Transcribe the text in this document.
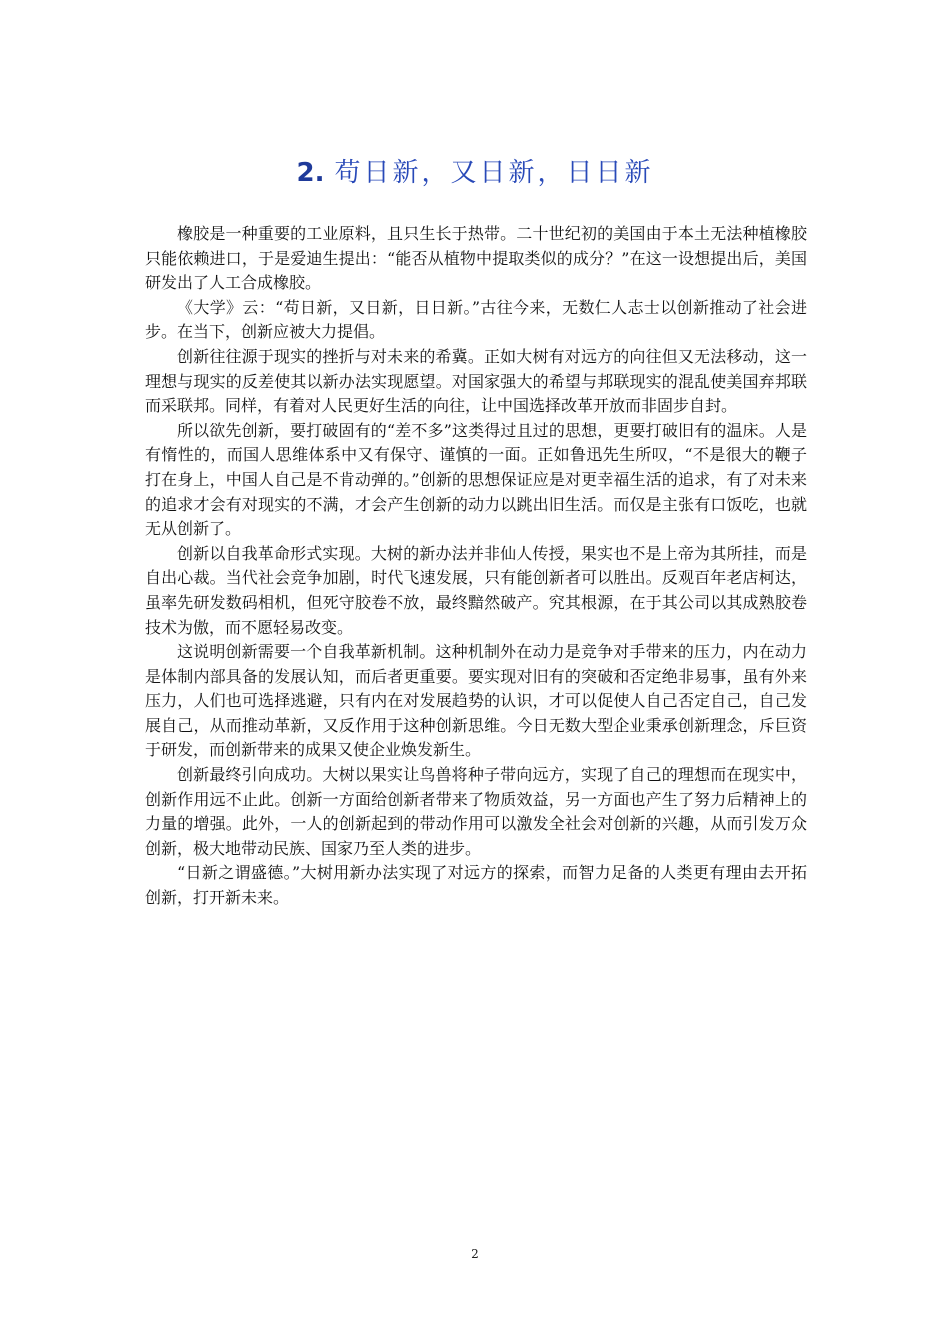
2. 苟日新，又日新，日日新

橡胶是一种重要的工业原料，且只生长于热带。二十世纪初的美国由于本土无法种植橡胶只能依赖进口，于是爱迪生提出：“能否从植物中提取类似的成分？”在这一设想提出后，美国研发出了人工合成橡胶。

《大学》云：“苟日新，又日新，日日新。”古往今来，无数仁人志士以创新推动了社会进步。在当下，创新应被大力提倡。

创新往往源于现实的挫折与对未来的希冀。正如大树有对远方的向往但又无法移动，这一理想与现实的反差使其以新办法实现愿望。对国家强大的希望与邦联现实的混乱使美国弃邦联而采联邦。同样，有着对人民更好生活的向往，让中国选择改革开放而非固步自封。

所以欲先创新，要打破固有的“差不多”这类得过且过的思想，更要打破旧有的温床。人是有惰性的，而国人思维体系中又有保守、谨慎的一面。正如鲁迅先生所叹，“不是很大的鞭子打在身上，中国人自己是不肯动弹的。”创新的思想保证应是对更幸福生活的追求，有了对未来的追求才会有对现实的不满，才会产生创新的动力以跳出旧生活。而仅是主张有口饭吃，也就无从创新了。

创新以自我革命形式实现。大树的新办法并非仙人传授，果实也不是上帝为其所挂，而是自出心裁。当代社会竞争加剧，时代飞速发展，只有能创新者可以胜出。反观百年老店柯达，虽率先研发数码相机，但死守胶卷不放，最终黯然破产。究其根源，在于其公司以其成熟胶卷技术为傲，而不愿轻易改变。

这说明创新需要一个自我革新机制。这种机制外在动力是竞争对手带来的压力，内在动力是体制内部具备的发展认知，而后者更重要。要实现对旧有的突破和否定绝非易事，虽有外来压力，人们也可选择逃避，只有内在对发展趋势的认识，才可以促使人自己否定自己，自己发展自己，从而推动革新，又反作用于这种创新思维。今日无数大型企业秉承创新理念，斥巨资于研发，而创新带来的成果又使企业焕发新生。

创新最终引向成功。大树以果实让鸟兽将种子带向远方，实现了自己的理想而在现实中，创新作用远不止此。创新一方面给创新者带来了物质效益，另一方面也产生了努力后精神上的力量的增强。此外，一人的创新起到的带动作用可以激发全社会对创新的兴趣，从而引发万众创新，极大地带动民族、国家乃至人类的进步。

“日新之谓盛德。”大树用新办法实现了对远方的探索，而智力足备的人类更有理由去开拓创新，打开新未来。

2
